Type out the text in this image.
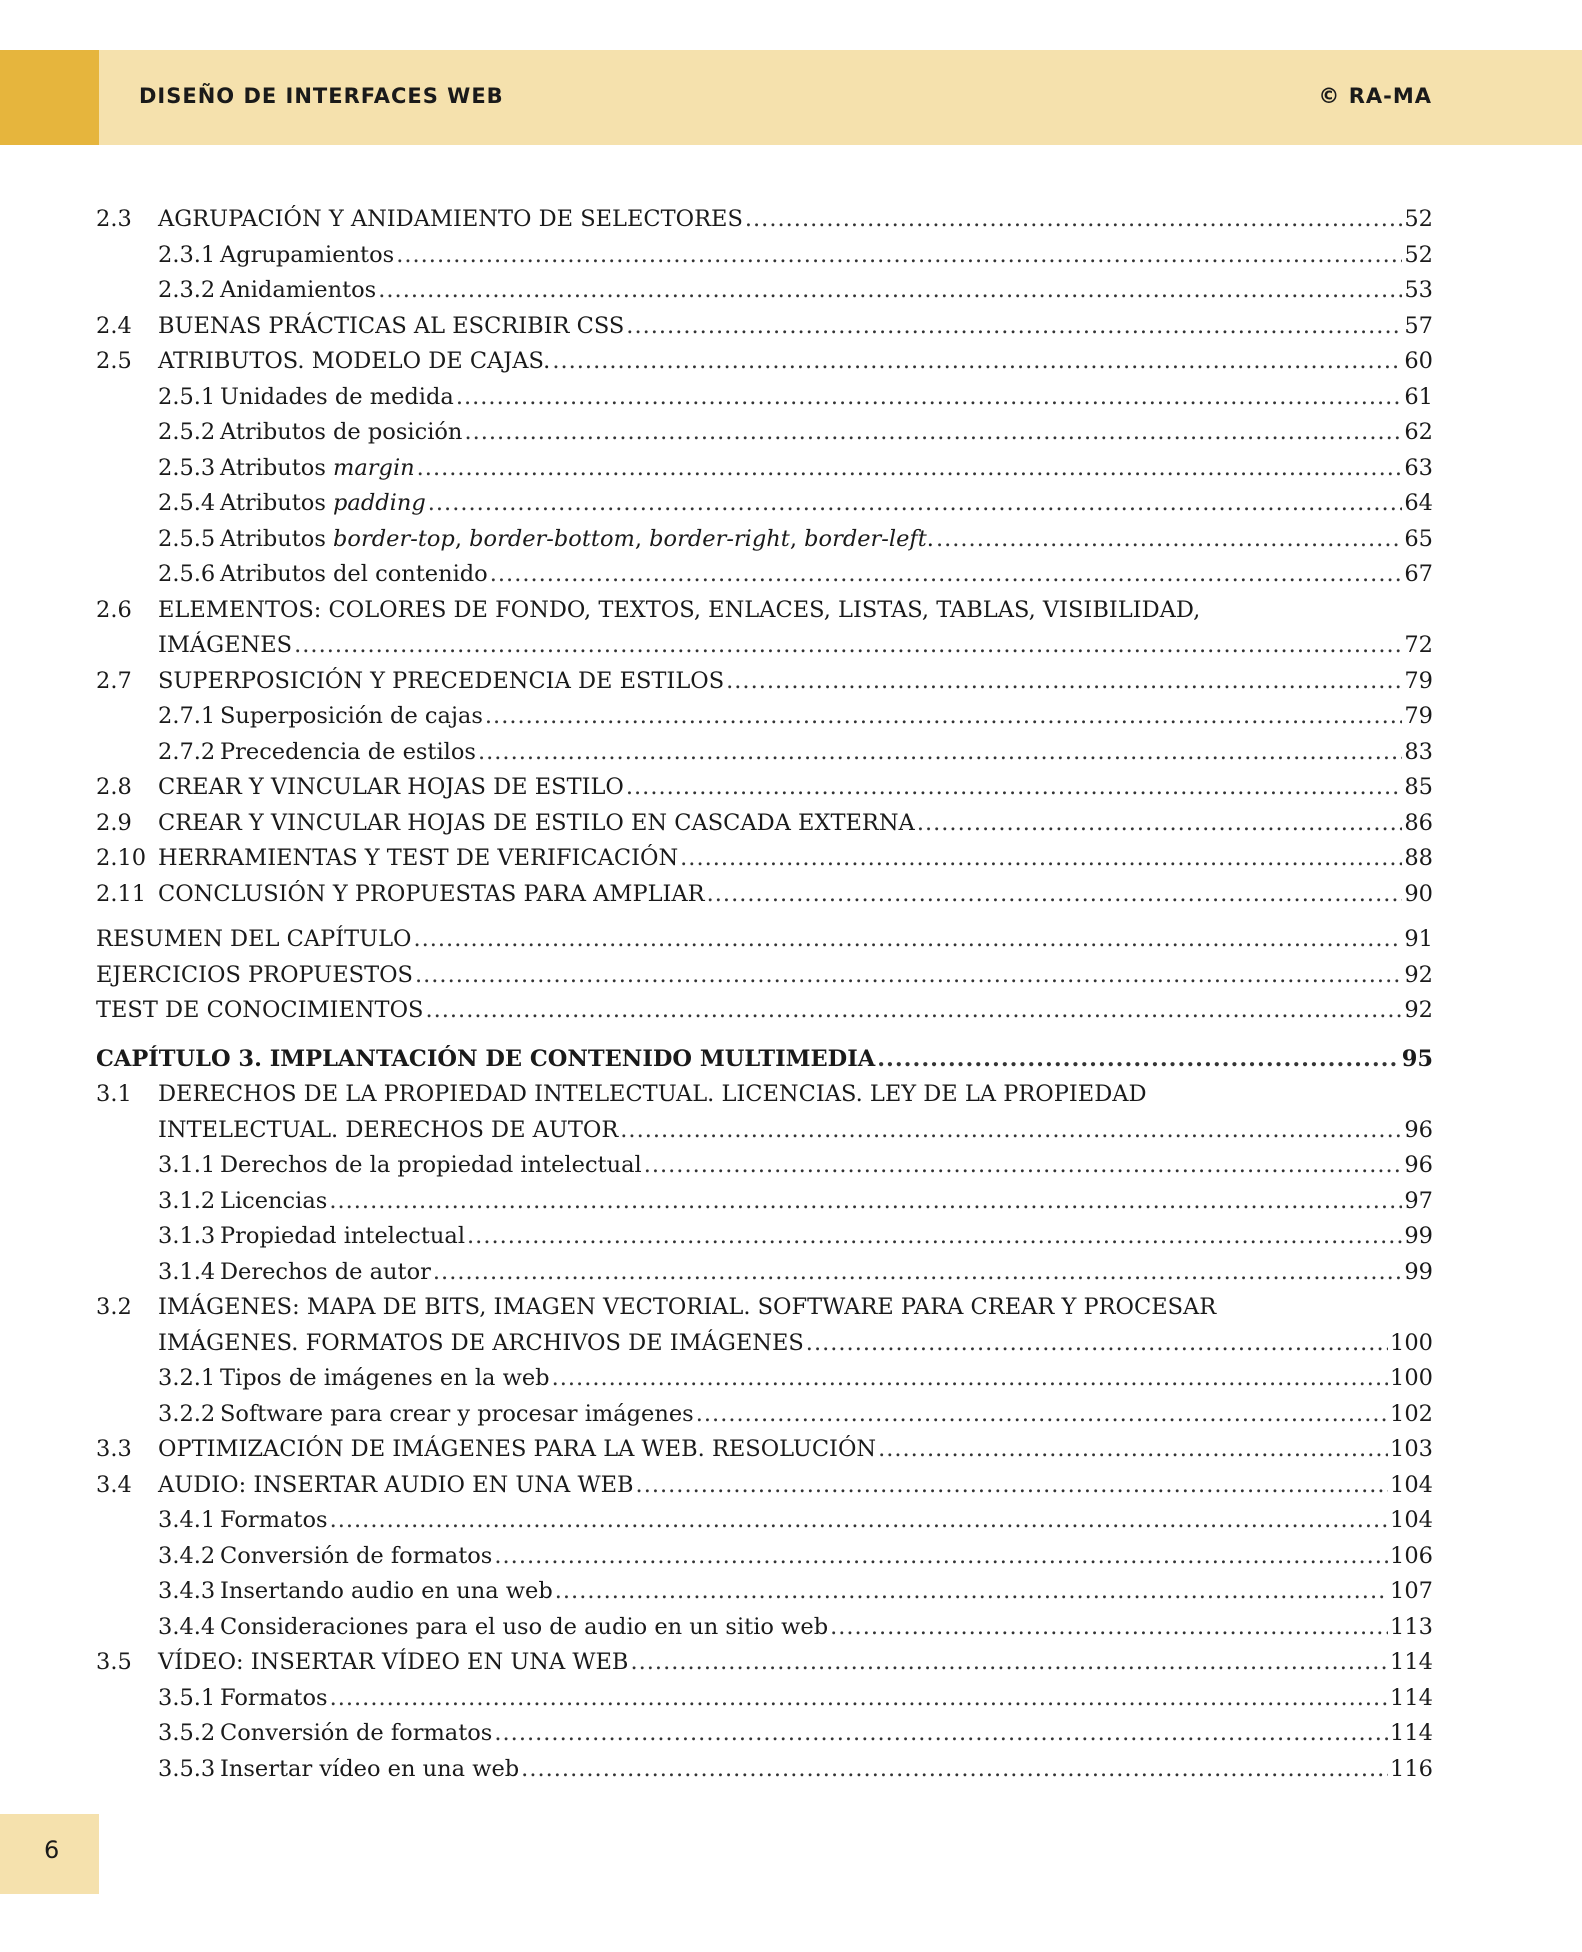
DISEÑO DE INTERFACES WEB	© RA-MA
2.3 AGRUPACIÓN Y ANIDAMIENTO DE SELECTORES .....	52
2.3.1 Agrupamientos .....	52
2.3.2 Anidamientos .....	53
2.4 BUENAS PRÁCTICAS AL ESCRIBIR CSS .....	57
2.5 ATRIBUTOS. MODELO DE CAJAS. .....	60
2.5.1 Unidades de medida .....	61
2.5.2 Atributos de posición .....	62
2.5.3 Atributos margin .....	63
2.5.4 Atributos padding .....	64
2.5.5 Atributos border-top, border-bottom, border-right, border-left. .....	65
2.5.6 Atributos del contenido .....	67
2.6 ELEMENTOS: COLORES DE FONDO, TEXTOS, ENLACES, LISTAS, TABLAS, VISIBILIDAD,
IMÁGENES .....	72
2.7 SUPERPOSICIÓN Y PRECEDENCIA DE ESTILOS .....	79
2.7.1 Superposición de cajas .....	79
2.7.2 Precedencia de estilos .....	83
2.8 CREAR Y VINCULAR HOJAS DE ESTILO .....	85
2.9 CREAR Y VINCULAR HOJAS DE ESTILO EN CASCADA EXTERNA .....	86
2.10 HERRAMIENTAS Y TEST DE VERIFICACIÓN .....	88
2.11 CONCLUSIÓN Y PROPUESTAS PARA AMPLIAR .....	90
RESUMEN DEL CAPÍTULO .....	91
EJERCICIOS PROPUESTOS .....	92
TEST DE CONOCIMIENTOS .....	92
CAPÍTULO 3. IMPLANTACIÓN DE CONTENIDO MULTIMEDIA .....	95
3.1 DERECHOS DE LA PROPIEDAD INTELECTUAL. LICENCIAS. LEY DE LA PROPIEDAD
INTELECTUAL. DERECHOS DE AUTOR .....	96
3.1.1 Derechos de la propiedad intelectual .....	96
3.1.2 Licencias .....	97
3.1.3 Propiedad intelectual .....	99
3.1.4 Derechos de autor .....	99
3.2 IMÁGENES: MAPA DE BITS, IMAGEN VECTORIAL. SOFTWARE PARA CREAR Y PROCESAR
IMÁGENES. FORMATOS DE ARCHIVOS DE IMÁGENES .....	100
3.2.1 Tipos de imágenes en la web .....	100
3.2.2 Software para crear y procesar imágenes .....	102
3.3 OPTIMIZACIÓN DE IMÁGENES PARA LA WEB. RESOLUCIÓN .....	103
3.4 AUDIO: INSERTAR AUDIO EN UNA WEB .....	104
3.4.1 Formatos .....	104
3.4.2 Conversión de formatos .....	106
3.4.3 Insertando audio en una web .....	107
3.4.4 Consideraciones para el uso de audio en un sitio web .....	113
3.5 VÍDEO: INSERTAR VÍDEO EN UNA WEB .....	114
3.5.1 Formatos .....	114
3.5.2 Conversión de formatos .....	114
3.5.3 Insertar vídeo en una web .....	116
6
